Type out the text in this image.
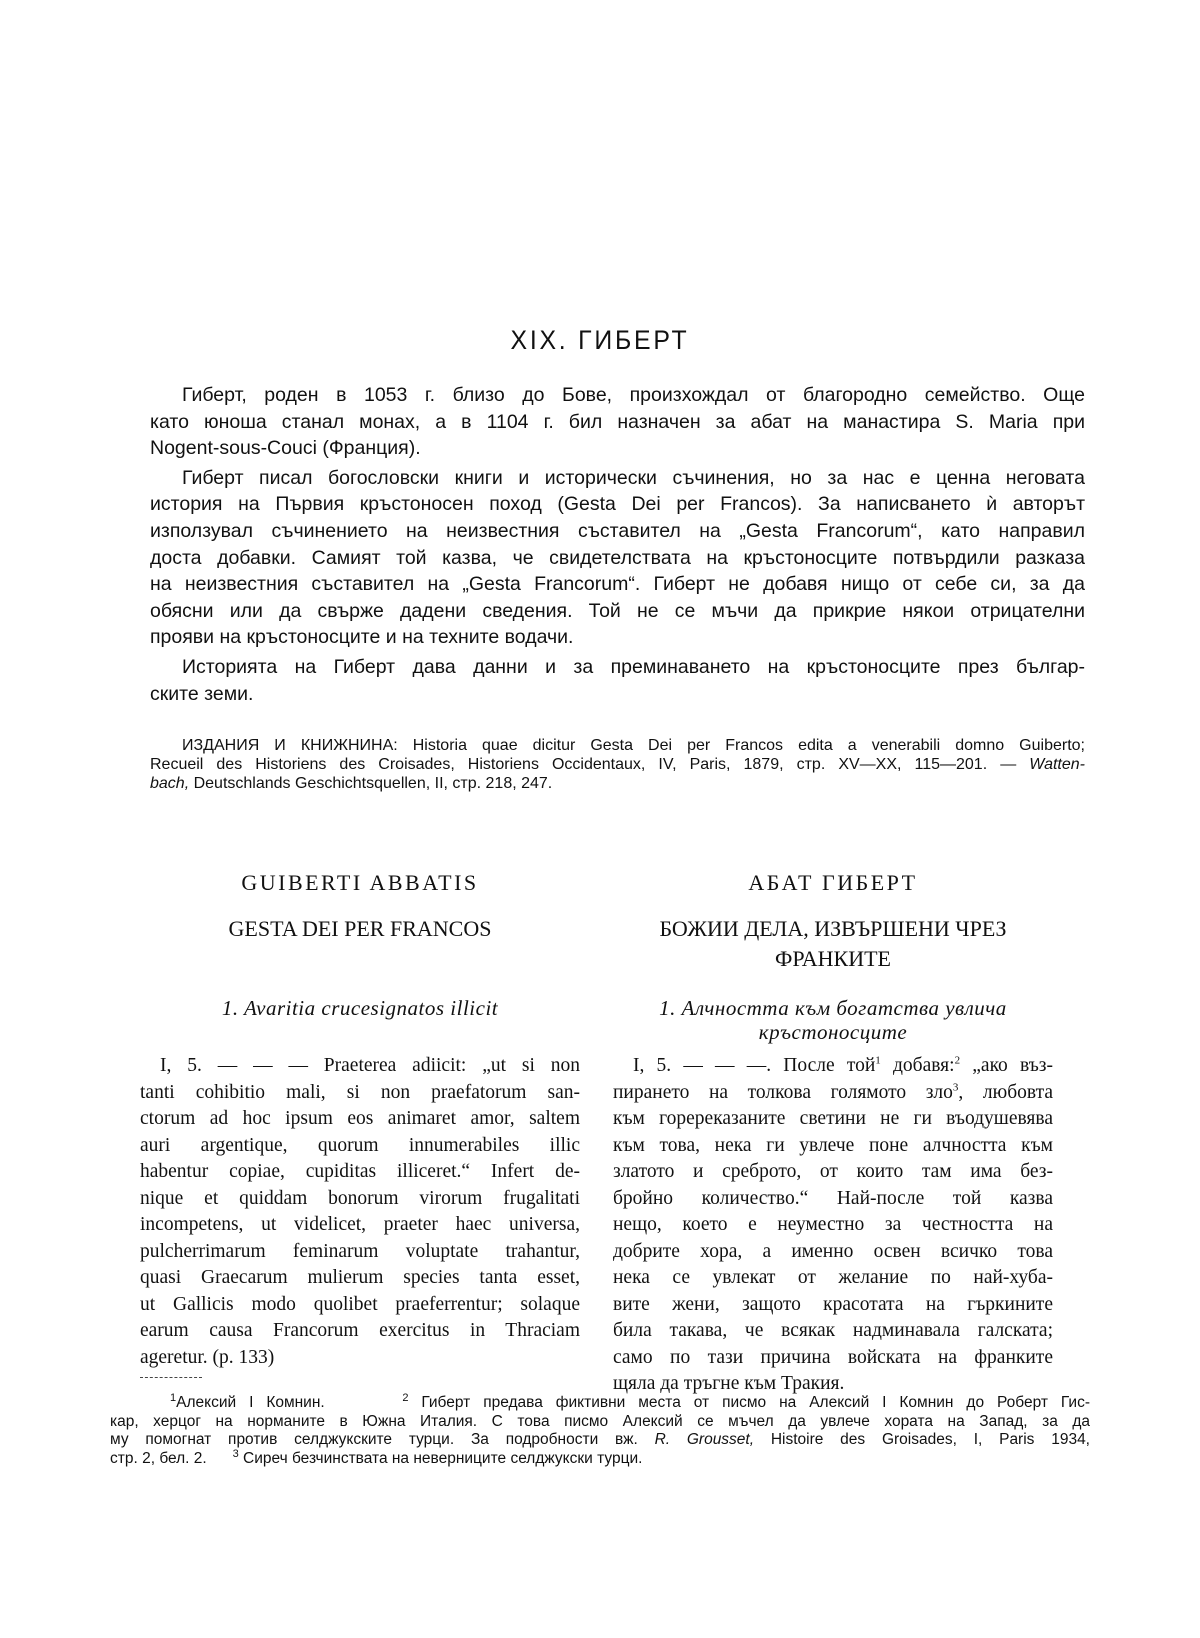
XIX. ГИБЕРТ
Гиберт, роден в 1053 г. близо до Бове, произхождал от благородно семейство. Още
като юноша станал монах, а в 1104 г. бил назначен за абат на манастира S. Maria при
Nogent-sous-Couci (Франция).
Гиберт писал богословски книги и исторически съчинения, но за нас е ценна неговата
история на Първия кръстоносен поход (Gesta Dei per Francos). За написването ѝ авторът
използувал съчинението на неизвестния съставител на „Gesta Francorum“, като направил
доста добавки. Самият той казва, че свидетелствата на кръстоносците потвърдили разказа
на неизвестния съставител на „Gesta Francorum“. Гиберт не добавя нищо от себе си, за да
обясни или да свърже дадени сведения. Той не се мъчи да прикрие някои отрицателни
прояви на кръстоносците и на техните водачи.
Историята на Гиберт дава данни и за преминаването на кръстоносците през българ-
ските земи.
ИЗДАНИЯ И КНИЖНИНА: Historia quae dicitur Gesta Dei per Francos edita a venerabili domno Guiberto;
Recueil des Historiens des Croisades, Historiens Occidentaux, IV, Paris, 1879, стр. XV—XX, 115—201. — Watten-
bach, Deutschlands Geschichtsquellen, II, стр. 218, 247.
GUIBERTI ABBATIS
GESTA DEI PER FRANCOS
1. Avaritia crucesignatos illicit
I, 5. — — — Praeterea adiicit: „ut si non
tanti cohibitio mali, si non praefatorum san-
ctorum ad hoc ipsum eos animaret amor, saltem
auri argentique, quorum innumerabiles illic
habentur copiae, cupiditas illiceret.“ Infert de-
nique et quiddam bonorum virorum frugalitati
incompetens, ut videlicet, praeter haec universa,
pulcherrimarum feminarum voluptate trahantur,
quasi Graecarum mulierum species tanta esset,
ut Gallicis modo quolibet praeferrentur; solaque
earum causa Francorum exercitus in Thraciam
ageretur. (p. 133)
АБАТ ГИБЕРТ
БОЖИИ ДЕЛА, ИЗВЪРШЕНИ ЧРЕЗ
ФРАНКИТЕ
1. Алчността към богатства увлича
кръстоносците
I, 5. — — —. После той$^1$ добавя:$^2$ „ако въз-
пирането на толкова голямото зло$^3$, любовта
към горереказаните светини не ги въодушевява
към това, нека ги увлече поне алчността към
златото и среброто, от които там има без-
бройно количество.“ Най-после той казва
нещо, което е неуместно за честността на
добрите хора, а именно освен всичко това
нека се увлекат от желание по най-хуба-
вите жени, защото красотата на гъркините
била такава, че всякак надминавала галската;
само по тази причина войската на франките
щяла да тръгне към Тракия.
$^1$Алексий I Комнин.	$^2$ Гиберт предава фиктивни места от писмо на Алексий I Комнин до Роберт Гис-
кар, херцог на норманите в Южна Италия. С това писмо Алексий се мъчел да увлече хората на Запад, за да
му помогнат против селджукските турци. За подробности вж. R. Grousset, Histoire des Groisades, I, Paris 1934,
стр. 2, бел. 2. $^3$ Сиреч безчинствата на неверниците селджукски турци.
